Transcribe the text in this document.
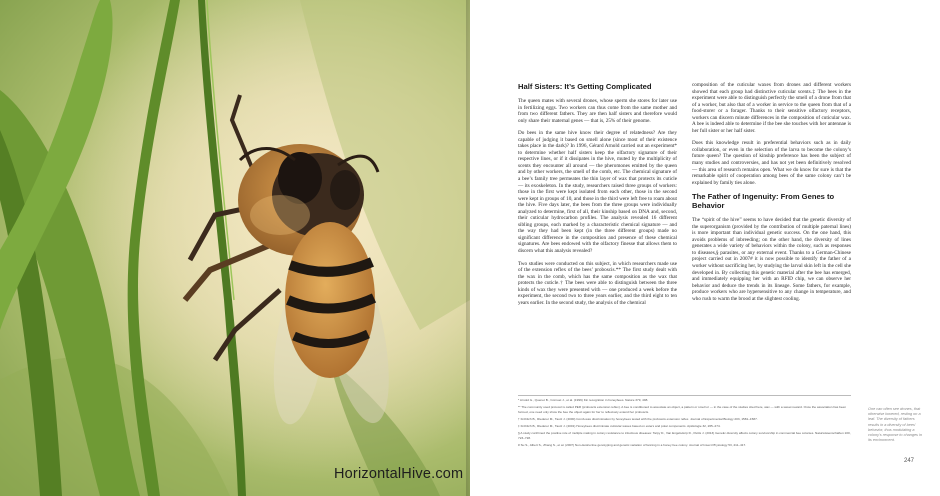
Half Sisters: It’s Getting Complicated

The queen mates with several drones, whose sperm she stores for later use in fertilizing eggs. Two workers can thus come from the same mother and from two different fathers. They are then half sisters and therefore would only share their maternal genes — that is, 25% of their genome.

Do bees in the same hive know their degree of relatedness? Are they capable of judging it based on smell alone (since most of their existence takes place in the dark)? In 1996, Gérard Arnold carried out an experiment* to determine whether half sisters keep the olfactory signature of their respective lines, or if it dissipates in the hive, muted by the multiplicity of scents they encounter all around — the pheromones emitted by the queen and by other workers, the smell of the comb, etc. The chemical signature of a bee’s family tree permeates the thin layer of wax that protects its cuticle — its exoskeleton. In the study, researchers raised three groups of workers: those in the first were kept isolated from each other, those in the second were kept in groups of 10, and those in the third were left free to roam about the hive. Five days later, the bees from the three groups were individually analyzed to determine, first of all, their kinship based on DNA and, second, their cuticular hydrocarbon profiles. The analysis revealed 16 different sibling groups, each marked by a characteristic chemical signature — and the way they had been kept (in the three different groups) made no significant difference in the composition and presence of these chemical signatures. Are bees endowed with the olfactory finesse that allows them to discern what this analysis revealed?

Two studies were conducted on this subject, in which researchers made use of the extension reflex of the bees’ proboscis.** The first study dealt with the wax in the comb, which has the same composition as the wax that protects the cuticle.† The bees were able to distinguish between the three kinds of wax they were presented with — one produced a week before the experiment, the second two to three years earlier, and the third eight to ten years earlier. In the second study, the analysis of the chemical

composition of the cuticular waxes from drones and different workers showed that each group had distinctive cuticular scents.‡ The bees in the experiment were able to distinguish perfectly the smell of a drone from that of a worker, but also that of a worker in service to the queen from that of a food-storer or a forager. Thanks to their sensitive olfactory receptors, workers can discern minute differences in the composition of cuticular wax. A bee is indeed able to determine if the bee she touches with her antennae is her full sister or her half sister.

Does this knowledge result in preferential behaviors such as in daily collaboration, or even in the selection of the larva to become the colony’s future queen? The question of kinship preference has been the subject of many studies and controversies, and has not yet been definitively resolved — this area of research remains open. What we do know for sure is that the remarkable spirit of cooperation among bees of the same colony can’t be explained by family ties alone.

The Father of Ingenuity: From Genes to Behavior

The “spirit of the hive” seems to have decided that the genetic diversity of the superorganism (provided by the contribution of multiple paternal lines) is more important than individual genetic success. On the one hand, this avoids problems of inbreeding; on the other hand, the diversity of lines generates a wide variety of behaviors within the colony, such as responses to diseases,§ parasites, or any external event. Thanks to a German-Chinese project carried out in 2007# it is now possible to identify the father of a worker without sacrificing her, by studying the larval skin left in the cell she developed in. By collecting this genetic material after the bee has emerged, and immediately equipping her with an RFID chip, we can observe her behavior and deduce the trends in its lineage. Some fathers, for example, produce workers who are hypersensitive to any change in temperature, and who rush to warm the brood at the slightest cooling.

* Arnold G., Quenet B., Cornuet J., et al. (1996) Kin recognition in honeybees. Nature 379, 498.
** The community used protocol is called PER (proboscis extension reflex). A bee is conditioned to associate an object, a pattern or smell or — in the case of the studies cited here, wax — with a sweet reward. Once the association has been formed, one need only show the bee the object again for her to reflexively extend her proboscis.
† Fröhlich B., Riederer M., Tautz J. (2000) Comb-wax discrimination by honeybees tested with the proboscis extension reflex. Journal of Experimental Biology 203, 1581–1587.
‡ Fröhlich B., Riederer M., Tautz J. (2001) Honeybees discriminate cuticular waxes based on esters and polar components. Apidologie 32, 265–274.
§ A study confirmed the positive role of multiple mating in colony resistance to infectious diseases: Tarpy D., Van Engelsdorp D., Pettis J. (2013) Genetic diversity affects colony survivorship in commercial bee colonies. Naturwissenschaften 100, 723–728.
# Su S., Albert S., Zhang S., et al. (2007) Non-destructive genotyping and genetic variation of fanning in a honey bee colony. Journal of Insect Physiology 53, 411–417.
One can often see drones, that otherwise lowered, resting on a leaf. The diversity of fathers results in a diversity of bees’ behavior, thus modulating a colony’s response to changes in its environment.
247
HorizontalHive.com
